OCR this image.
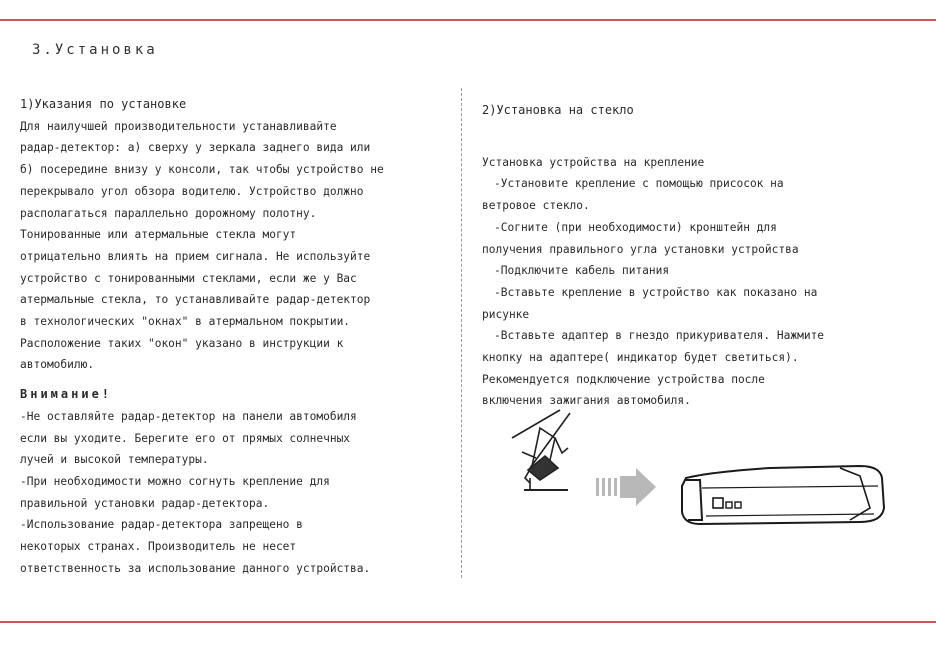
3.Установка
1)Указания по установке
Для наилучшей производительности устанавливайте
радар-детектор: а) сверху у зеркала заднего вида или
б) посередине внизу у консоли, так чтобы устройство не
перекрывало угол обзора водителю. Устройство должно
располагаться параллельно дорожному полотну.
Тонированные или атермальные стекла могут
отрицательно влиять на прием сигнала. Не используйте
устройство с тонированными стеклами, если же у Вас
атермальные стекла, то устанавливайте радар-детектор
в технологических "окнах" в атермальном покрытии.
Расположение таких "окон" указано в инструкции к
автомобилю.
Внимание!
-Не оставляйте радар-детектор на панели автомобиля
если вы уходите. Берегите его от прямых солнечных
лучей и высокой температуры.
-При необходимости можно согнуть крепление для
правильной установки радар-детектора.
-Использование радар-детектора запрещено в
некоторых странах. Производитель не несет
ответственность за использование данного устройства.
2)Установка на стекло
Установка устройства на крепление
-Установите крепление с помощью присосок на
ветровое стекло.
-Согните (при необходимости) кронштейн для
получения правильного угла установки устройства
-Подключите кабель питания
-Вставьте крепление в устройство как показано на
рисунке
-Вставьте адаптер в гнездо прикуривателя. Нажмите
кнопку на адаптере( индикатор будет светиться).
Рекомендуется подключение устройства после
включения зажигания автомобиля.
